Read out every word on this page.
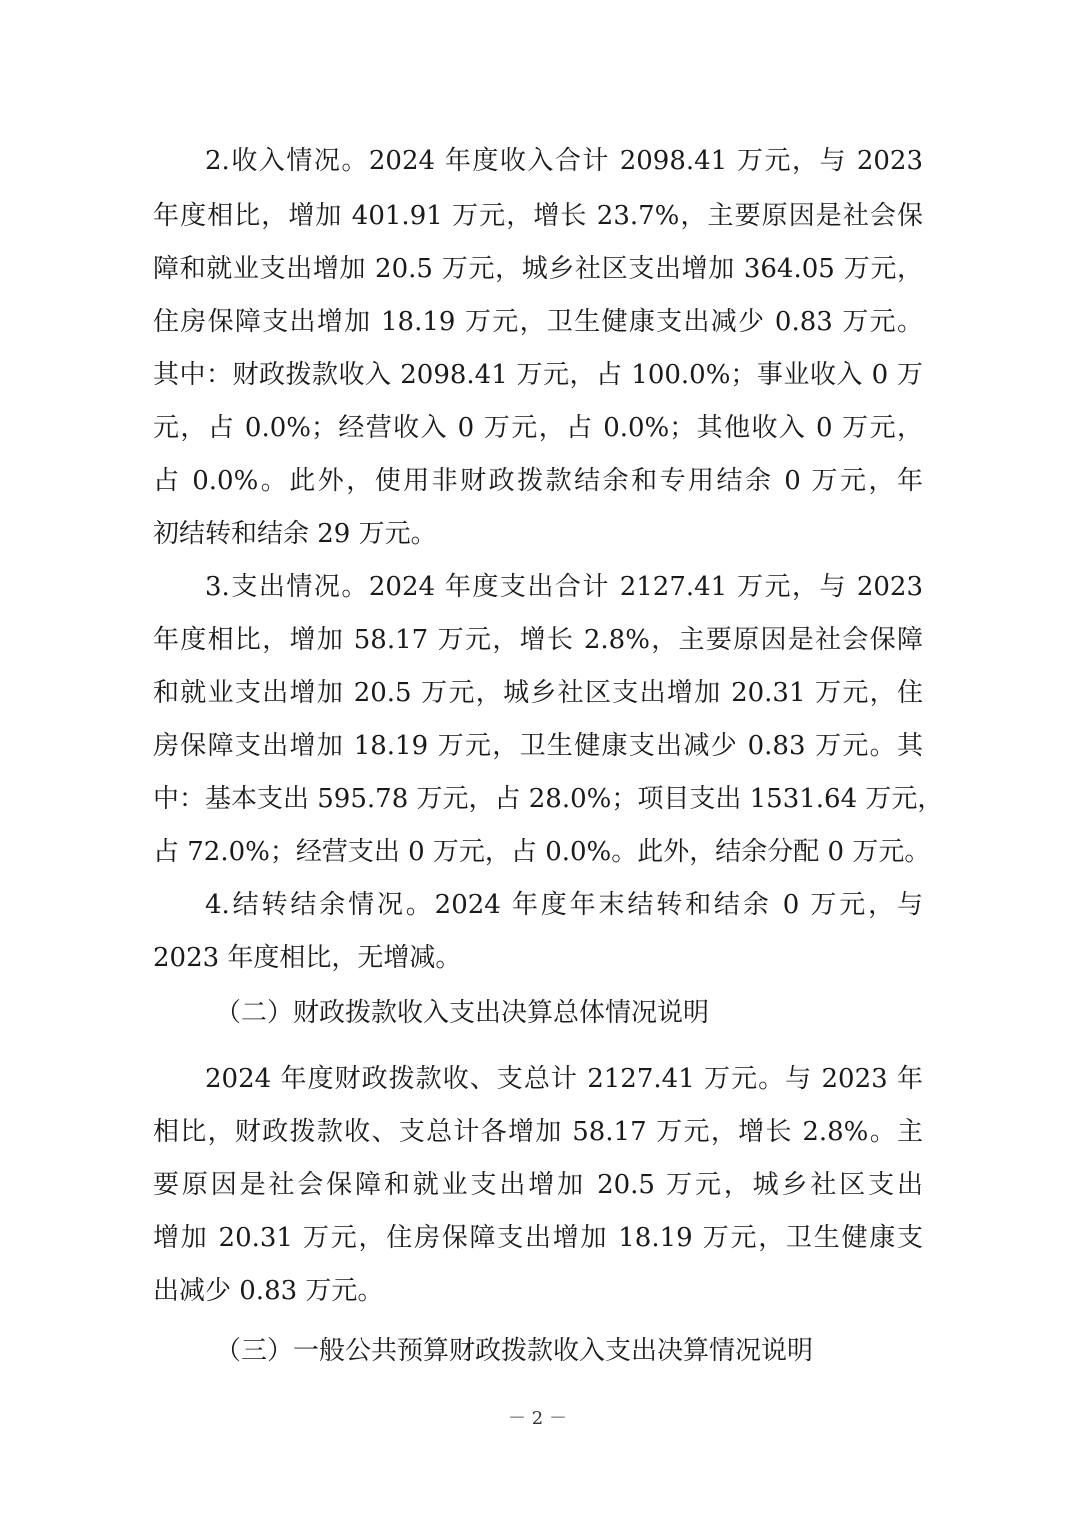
2.收入情况。2024 年度收入合计 2098.41 万元，与 2023
年度相比，增加 401.91 万元，增长 23.7%，主要原因是社会保
障和就业支出增加 20.5 万元，城乡社区支出增加 364.05 万元，
住房保障支出增加 18.19 万元，卫生健康支出减少 0.83 万元。
其中：财政拨款收入 2098.41 万元，占 100.0%；事业收入 0 万
元，占 0.0%；经营收入 0 万元，占 0.0%；其他收入 0 万元，
占 0.0%。此外，使用非财政拨款结余和专用结余 0 万元，年
初结转和结余 29 万元。
3.支出情况。2024 年度支出合计 2127.41 万元，与 2023
年度相比，增加 58.17 万元，增长 2.8%，主要原因是社会保障
和就业支出增加 20.5 万元，城乡社区支出增加 20.31 万元，住
房保障支出增加 18.19 万元，卫生健康支出减少 0.83 万元。其
中：基本支出 595.78 万元，占 28.0%；项目支出 1531.64 万元，
占 72.0%；经营支出 0 万元，占 0.0%。此外，结余分配 0 万元。
4.结转结余情况。2024 年度年末结转和结余 0 万元，与
2023 年度相比，无增减。
（二）财政拨款收入支出决算总体情况说明
2024 年度财政拨款收、支总计 2127.41 万元。与 2023 年
相比，财政拨款收、支总计各增加 58.17 万元，增长 2.8%。主
要原因是社会保障和就业支出增加 20.5 万元，城乡社区支出
增加 20.31 万元，住房保障支出增加 18.19 万元，卫生健康支
出减少 0.83 万元。
（三）一般公共预算财政拨款收入支出决算情况说明
－ 2 －
